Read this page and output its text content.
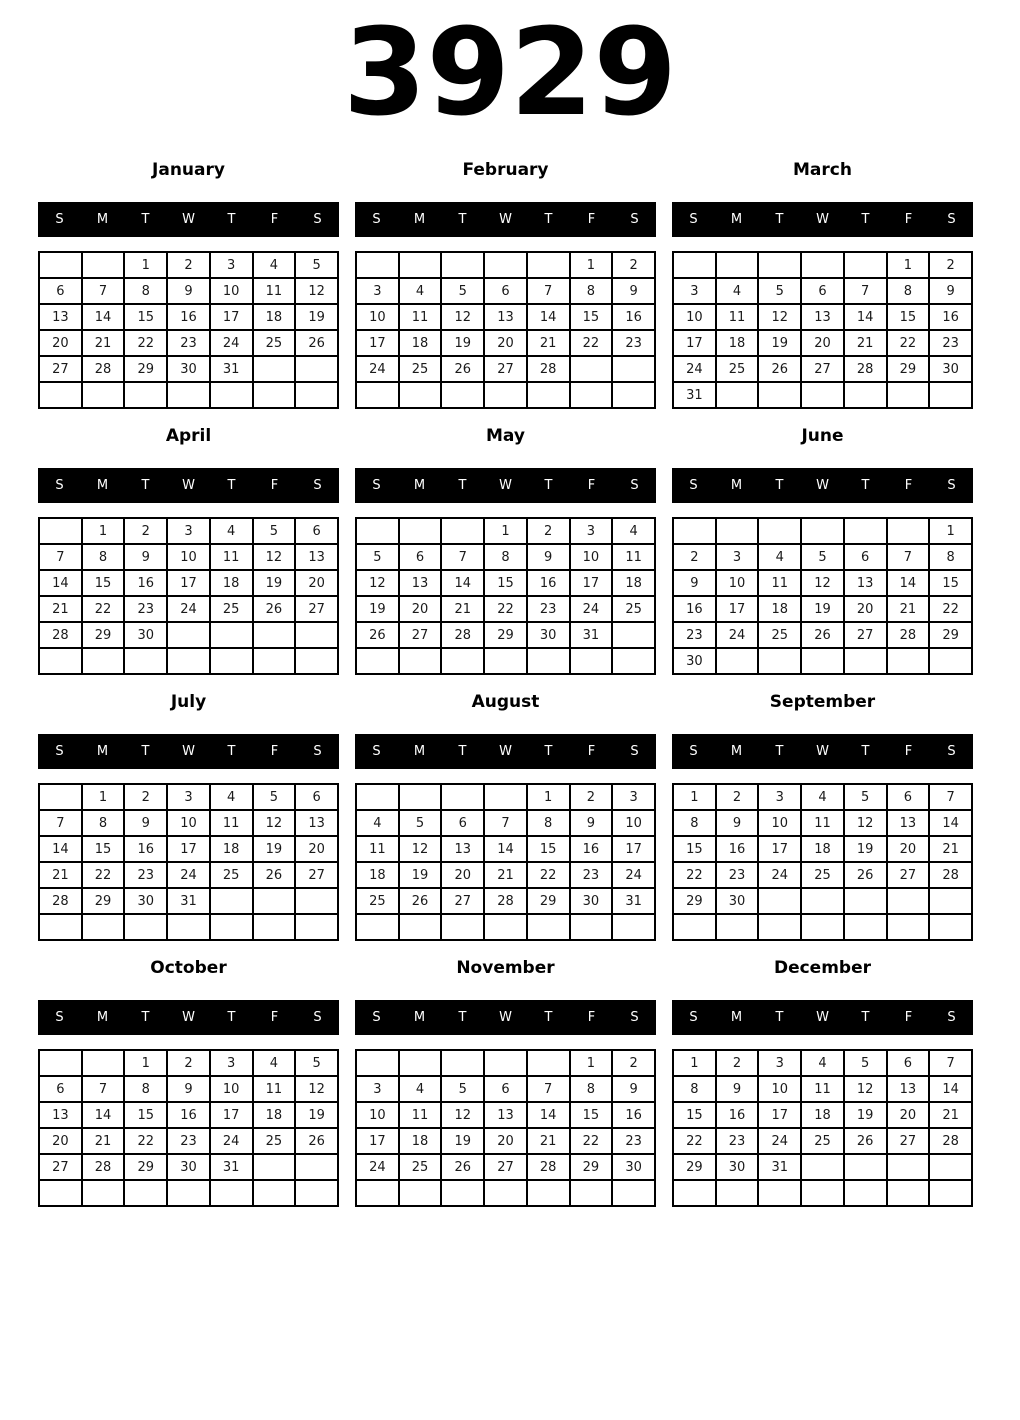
3929
January
S	M	T	W	T	F	S
		1	2	3	4	5
6	7	8	9	10	11	12
13	14	15	16	17	18	19
20	21	22	23	24	25	26
27	28	29	30	31		

February
S	M	T	W	T	F	S
					1	2
3	4	5	6	7	8	9
10	11	12	13	14	15	16
17	18	19	20	21	22	23
24	25	26	27	28		

March
S	M	T	W	T	F	S
					1	2
3	4	5	6	7	8	9
10	11	12	13	14	15	16
17	18	19	20	21	22	23
24	25	26	27	28	29	30
31						
April
S	M	T	W	T	F	S
	1	2	3	4	5	6
7	8	9	10	11	12	13
14	15	16	17	18	19	20
21	22	23	24	25	26	27
28	29	30				

May
S	M	T	W	T	F	S
			1	2	3	4
5	6	7	8	9	10	11
12	13	14	15	16	17	18
19	20	21	22	23	24	25
26	27	28	29	30	31	

June
S	M	T	W	T	F	S
						1
2	3	4	5	6	7	8
9	10	11	12	13	14	15
16	17	18	19	20	21	22
23	24	25	26	27	28	29
30						
July
S	M	T	W	T	F	S
	1	2	3	4	5	6
7	8	9	10	11	12	13
14	15	16	17	18	19	20
21	22	23	24	25	26	27
28	29	30	31			

August
S	M	T	W	T	F	S
				1	2	3
4	5	6	7	8	9	10
11	12	13	14	15	16	17
18	19	20	21	22	23	24
25	26	27	28	29	30	31

September
S	M	T	W	T	F	S
1	2	3	4	5	6	7
8	9	10	11	12	13	14
15	16	17	18	19	20	21
22	23	24	25	26	27	28
29	30					

October
S	M	T	W	T	F	S
		1	2	3	4	5
6	7	8	9	10	11	12
13	14	15	16	17	18	19
20	21	22	23	24	25	26
27	28	29	30	31		

November
S	M	T	W	T	F	S
					1	2
3	4	5	6	7	8	9
10	11	12	13	14	15	16
17	18	19	20	21	22	23
24	25	26	27	28	29	30

December
S	M	T	W	T	F	S
1	2	3	4	5	6	7
8	9	10	11	12	13	14
15	16	17	18	19	20	21
22	23	24	25	26	27	28
29	30	31				
